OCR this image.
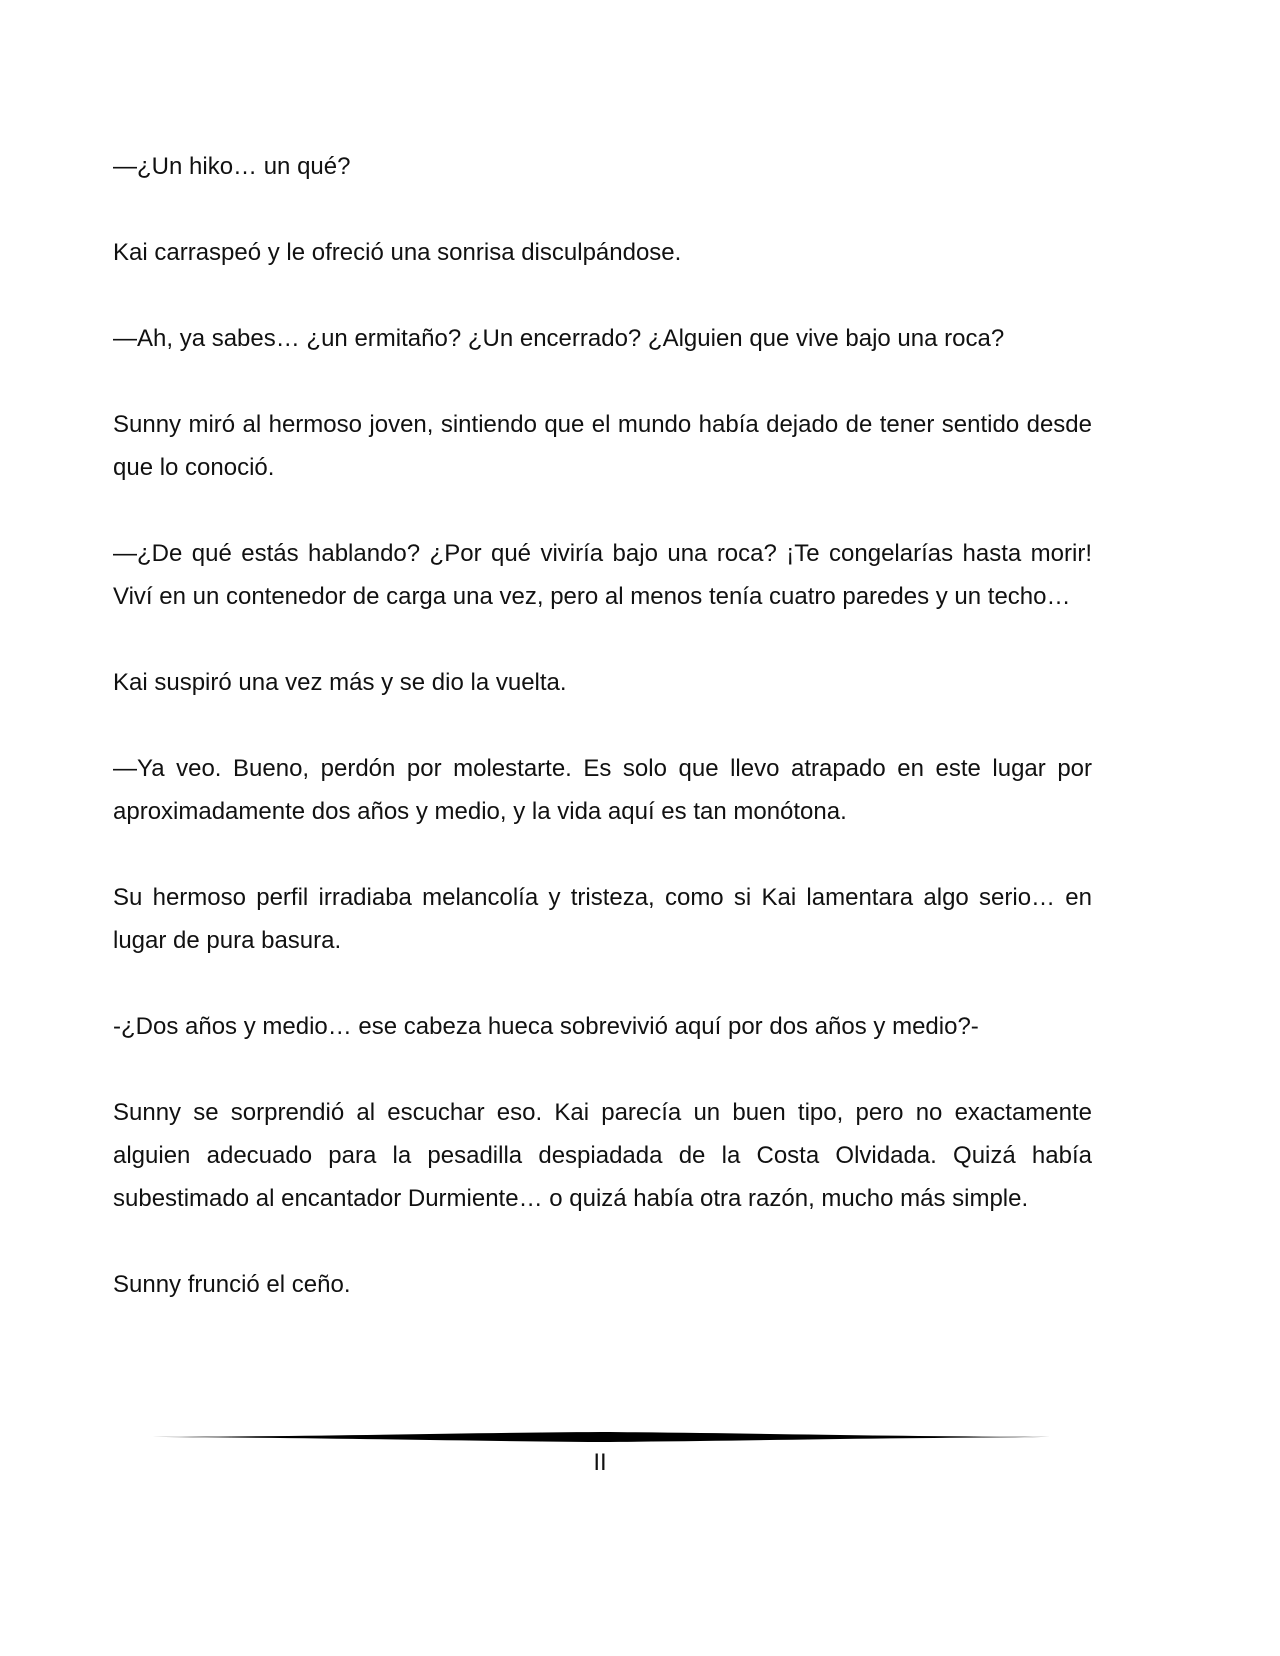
—¿Un hiko… un qué?

Kai carraspeó y le ofreció una sonrisa disculpándose.

—Ah, ya sabes… ¿un ermitaño? ¿Un encerrado? ¿Alguien que vive bajo una roca?

Sunny miró al hermoso joven, sintiendo que el mundo había dejado de tener sentido desde que lo conoció.

—¿De qué estás hablando? ¿Por qué viviría bajo una roca? ¡Te congelarías hasta morir! Viví en un contenedor de carga una vez, pero al menos tenía cuatro paredes y un techo…

Kai suspiró una vez más y se dio la vuelta.

—Ya veo. Bueno, perdón por molestarte. Es solo que llevo atrapado en este lugar por aproximadamente dos años y medio, y la vida aquí es tan monótona.

Su hermoso perfil irradiaba melancolía y tristeza, como si Kai lamentara algo serio… en lugar de pura basura.

-¿Dos años y medio… ese cabeza hueca sobrevivió aquí por dos años y medio?-

Sunny se sorprendió al escuchar eso. Kai parecía un buen tipo, pero no exactamente alguien adecuado para la pesadilla despiadada de la Costa Olvidada. Quizá había subestimado al encantador Durmiente… o quizá había otra razón, mucho más simple.

Sunny frunció el ceño.

II
